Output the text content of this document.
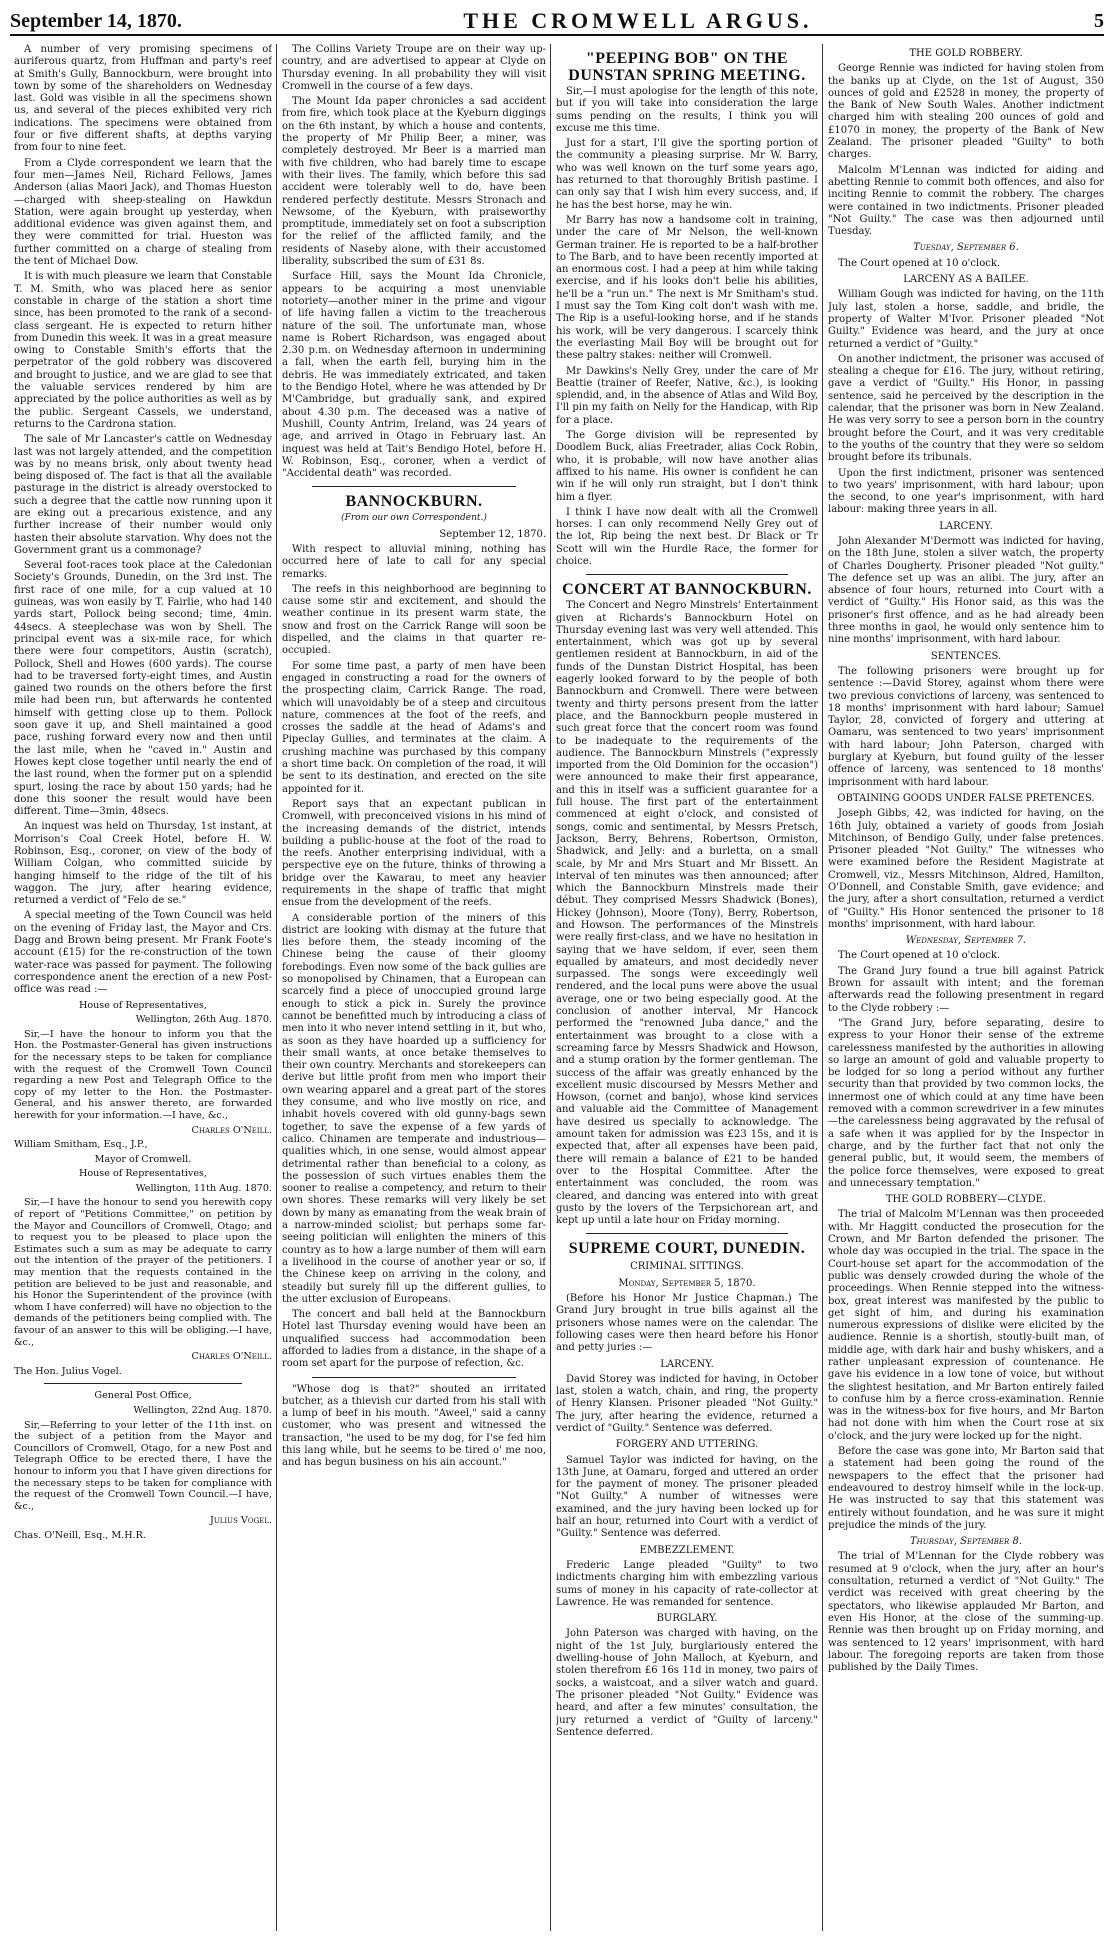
September 14, 1870.	THE CROMWELL ARGUS.	5

A number of very promising specimens of auriferous quartz, from Huffman and party's reef at Smith's Gully, Bannockburn, were brought into town by some of the shareholders on Wednesday last. Gold was visible in all the specimens shown us, and several of the pieces exhibited very rich indications. The specimens were obtained from four or five different shafts, at depths varying from four to nine feet.

From a Clyde correspondent we learn that the four men—James Neil, Richard Fellows, James Anderson (alias Maori Jack), and Thomas Hueston—charged with sheep-stealing on Hawkdun Station, were again brought up yesterday, when additional evidence was given against them, and they were committed for trial. Hueston was further committed on a charge of stealing from the tent of Michael Dow.

It is with much pleasure we learn that Constable T. M. Smith, who was placed here as senior constable in charge of the station a short time since, has been promoted to the rank of a second-class sergeant. He is expected to return hither from Dunedin this week. It was in a great measure owing to Constable Smith's efforts that the perpetrator of the gold robbery was discovered and brought to justice, and we are glad to see that the valuable services rendered by him are appreciated by the police authorities as well as by the public. Sergeant Cassels, we understand, returns to the Cardrona station.

The sale of Mr Lancaster's cattle on Wednesday last was not largely attended, and the competition was by no means brisk, only about twenty head being disposed of. The fact is that all the available pasturage in the district is already overstocked to such a degree that the cattle now running upon it are eking out a precarious existence, and any further increase of their number would only hasten their absolute starvation. Why does not the Government grant us a commonage?

Several foot-races took place at the Caledonian Society's Grounds, Dunedin, on the 3rd inst. The first race of one mile, for a cup valued at 10 guineas, was won easily by T. Fairlie, who had 140 yards start, Pollock being second; time, 4min. 44secs. A steeplechase was won by Shell. The principal event was a six-mile race, for which there were four competitors, Austin (scratch), Pollock, Shell and Howes (600 yards). The course had to be traversed forty-eight times, and Austin gained two rounds on the others before the first mile had been run, but afterwards he contented himself with getting close up to them. Pollock soon gave it up, and Shell maintained a good pace, rushing forward every now and then until the last mile, when he "caved in." Austin and Howes kept close together until nearly the end of the last round, when the former put on a splendid spurt, losing the race by about 150 yards; had he done this sooner the result would have been different. Time—3min, 48secs.

An inquest was held on Thursday, 1st instant, at Morrison's Coal Creek Hotel, before H. W. Robinson, Esq., coroner, on view of the body of William Colgan, who committed suicide by hanging himself to the ridge of the tilt of his waggon. The jury, after hearing evidence, returned a verdict of "Felo de se."

A special meeting of the Town Council was held on the evening of Friday last, the Mayor and Crs. Dagg and Brown being present. Mr Frank Foote's account (£15) for the re-construction of the town water-race was passed for payment. The following correspondence anent the erection of a new Post-office was read :—

House of Representatives,

Wellington, 26th Aug. 1870.

Sir,—I have the honour to inform you that the Hon. the Postmaster-General has given instructions for the necessary steps to be taken for compliance with the request of the Cromwell Town Council regarding a new Post and Telegraph Office to the copy of my letter to the Hon. the Postmaster-General, and his answer thereto, are forwarded herewith for your information.—I have, &c.,

Charles O'Neill.

William Smitham, Esq., J.P.,

Mayor of Cromwell.

House of Representatives,

Wellington, 11th Aug. 1870.

Sir,—I have the honour to send you herewith copy of report of "Petitions Committee," on petition by the Mayor and Councillors of Cromwell, Otago; and to request you to be pleased to place upon the Estimates such a sum as may be adequate to carry out the intention of the prayer of the petitioners. I may mention that the requests contained in the petition are believed to be just and reasonable, and his Honor the Superintendent of the province (with whom I have conferred) will have no objection to the demands of the petitioners being complied with. The favour of an answer to this will be obliging.—I have, &c.,

Charles O'Neill.

The Hon. Julius Vogel.

General Post Office,

Wellington, 22nd Aug. 1870.

Sir,—Referring to your letter of the 11th inst. on the subject of a petition from the Mayor and Councillors of Cromwell, Otago, for a new Post and Telegraph Office to be erected there, I have the honour to inform you that I have given directions for the necessary steps to be taken for compliance with the request of the Cromwell Town Council.—I have, &c.,

Julius Vogel.

Chas. O'Neill, Esq., M.H.R.

The Collins Variety Troupe are on their way up-country, and are advertised to appear at Clyde on Thursday evening. In all probability they will visit Cromwell in the course of a few days.

The Mount Ida paper chronicles a sad accident from fire, which took place at the Kyeburn diggings on the 6th instant, by which a house and contents, the property of Mr Philip Beer, a miner, was completely destroyed. Mr Beer is a married man with five children, who had barely time to escape with their lives. The family, which before this sad accident were tolerably well to do, have been rendered perfectly destitute. Messrs Stronach and Newsome, of the Kyeburn, with praiseworthy promptitude, immediately set on foot a subscription for the relief of the afflicted family, and the residents of Naseby alone, with their accustomed liberality, subscribed the sum of £31 8s.

Surface Hill, says the Mount Ida Chronicle, appears to be acquiring a most unenviable notoriety—another miner in the prime and vigour of life having fallen a victim to the treacherous nature of the soil. The unfortunate man, whose name is Robert Richardson, was engaged about 2.30 p.m. on Wednesday afternoon in undermining a fall, when the earth fell, burying him in the debris. He was immediately extricated, and taken to the Bendigo Hotel, where he was attended by Dr M'Cambridge, but gradually sank, and expired about 4.30 p.m. The deceased was a native of Mushill, County Antrim, Ireland, was 24 years of age, and arrived in Otago in February last. An inquest was held at Tait's Bendigo Hotel, before H. W. Robinson, Esq., coroner, when a verdict of "Accidental death" was recorded.

BANNOCKBURN.
(From our own Correspondent.)

September 12, 1870.

With respect to alluvial mining, nothing has occurred here of late to call for any special remarks.

The reefs in this neighborhood are beginning to cause some stir and excitement, and should the weather continue in its present warm state, the snow and frost on the Carrick Range will soon be dispelled, and the claims in that quarter re-occupied.

For some time past, a party of men have been engaged in constructing a road for the owners of the prospecting claim, Carrick Range. The road, which will unavoidably be of a steep and circuitous nature, commences at the foot of the reefs, and crosses the saddle at the head of Adams's and Pipeclay Gullies, and terminates at the claim. A crushing machine was purchased by this company a short time back. On completion of the road, it will be sent to its destination, and erected on the site appointed for it.

Report says that an expectant publican in Cromwell, with preconceived visions in his mind of the increasing demands of the district, intends building a public-house at the foot of the road to the reefs. Another enterprising individual, with a perspective eye on the future, thinks of throwing a bridge over the Kawarau, to meet any heavier requirements in the shape of traffic that might ensue from the development of the reefs.

A considerable portion of the miners of this district are looking with dismay at the future that lies before them, the steady incoming of the Chinese being the cause of their gloomy forebodings. Even now some of the back gullies are so monopolised by Chinamen, that a European can scarcely find a piece of unoccupied ground large enough to stick a pick in. Surely the province cannot be benefitted much by introducing a class of men into it who never intend settling in it, but who, as soon as they have hoarded up a sufficiency for their small wants, at once betake themselves to their own country. Merchants and storekeepers can derive but little profit from men who import their own wearing apparel and a great part of the stores they consume, and who live mostly on rice, and inhabit hovels covered with old gunny-bags sewn together, to save the expense of a few yards of calico. Chinamen are temperate and industrious—qualities which, in one sense, would almost appear detrimental rather than beneficial to a colony, as the possession of such virtues enables them the sooner to realise a competency, and return to their own shores. These remarks will very likely be set down by many as emanating from the weak brain of a narrow-minded sciolist; but perhaps some far-seeing politician will enlighten the miners of this country as to how a large number of them will earn a livelihood in the course of another year or so, if the Chinese keep on arriving in the colony, and steadily but surely fill up the different gullies, to the utter exclusion of Europeans.

The concert and ball held at the Bannockburn Hotel last Thursday evening would have been an unqualified success had accommodation been afforded to ladies from a distance, in the shape of a room set apart for the purpose of refection, &c.

"Whose dog is that?" shouted an irritated butcher, as a thievish cur darted from his stall with a lump of beef in his mouth. "Aweel," said a canny customer, who was present and witnessed the transaction, "he used to be my dog, for I'se fed him this lang while, but he seems to be tired o' me noo, and has begun business on his ain account."

"PEEPING BOB" ON THE DUNSTAN SPRING MEETING.

Sir,—I must apologise for the length of this note, but if you will take into consideration the large sums pending on the results, I think you will excuse me this time.

Just for a start, I'll give the sporting portion of the community a pleasing surprise. Mr W. Barry, who was well known on the turf some years ago, has returned to that thoroughly British pastime. I can only say that I wish him every success, and, if he has the best horse, may he win.

Mr Barry has now a handsome colt in training, under the care of Mr Nelson, the well-known German trainer. He is reported to be a half-brother to The Barb, and to have been recently imported at an enormous cost. I had a peep at him while taking exercise, and if his looks don't belie his abilities, he'll be a "run un." The next is Mr Smitham's stud. I must say the Tom King colt don't wash with me. The Rip is a useful-looking horse, and if he stands his work, will be very dangerous. I scarcely think the everlasting Mail Boy will be brought out for these paltry stakes: neither will Cromwell.

Mr Dawkins's Nelly Grey, under the care of Mr Beattie (trainer of Reefer, Native, &c.), is looking splendid, and, in the absence of Atlas and Wild Boy, I'll pin my faith on Nelly for the Handicap, with Rip for a place.

The Gorge division will be represented by Doodlem Buck, alias Freetrader, alias Cock Robin, who, it is probable, will now have another alias affixed to his name. His owner is confident he can win if he will only run straight, but I don't think him a flyer.

I think I have now dealt with all the Cromwell horses. I can only recommend Nelly Grey out of the lot, Rip being the next best. Dr Black or Tr Scott will win the Hurdle Race, the former for choice.

CONCERT AT BANNOCKBURN.

The Concert and Negro Minstrels' Entertainment given at Richards's Bannockburn Hotel on Thursday evening last was very well attended. This entertainment, which was got up by several gentlemen resident at Bannockburn, in aid of the funds of the Dunstan District Hospital, has been eagerly looked forward to by the people of both Bannockburn and Cromwell. There were between twenty and thirty persons present from the latter place, and the Bannockburn people mustered in such great force that the concert room was found to be inadequate to the requirements of the audience. The Bannockburn Minstrels ("expressly imported from the Old Dominion for the occasion") were announced to make their first appearance, and this in itself was a sufficient guarantee for a full house. The first part of the entertainment commenced at eight o'clock, and consisted of songs, comic and sentimental, by Messrs Pretsch, Jackson, Berry, Behrens, Robertson, Ormiston, Shadwick, and Jelly: and a burletta, on a small scale, by Mr and Mrs Stuart and Mr Bissett. An interval of ten minutes was then announced; after which the Bannockburn Minstrels made their début. They comprised Messrs Shadwick (Bones), Hickey (Johnson), Moore (Tony), Berry, Robertson, and Howson. The performances of the Minstrels were really first-class, and we have no hesitation in saying that we have seldom, if ever, seen them equalled by amateurs, and most decidedly never surpassed. The songs were exceedingly well rendered, and the local puns were above the usual average, one or two being especially good. At the conclusion of another interval, Mr Hancock performed the "renowned Juba dance," and the entertainment was brought to a close with a screaming farce by Messrs Shadwick and Howson, and a stump oration by the former gentleman. The success of the affair was greatly enhanced by the excellent music discoursed by Messrs Mether and Howson, (cornet and banjo), whose kind services and valuable aid the Committee of Management have desired us specially to acknowledge. The amount taken for admission was £23 15s, and it is expected that, after all expenses have been paid, there will remain a balance of £21 to be handed over to the Hospital Committee. After the entertainment was concluded, the room was cleared, and dancing was entered into with great gusto by the lovers of the Terpsichorean art, and kept up until a late hour on Friday morning.

SUPREME COURT, DUNEDIN.
CRIMINAL SITTINGS.
Monday, September 5, 1870.

(Before his Honor Mr Justice Chapman.) The Grand Jury brought in true bills against all the prisoners whose names were on the calendar. The following cases were then heard before his Honor and petty juries :—

LARCENY.

David Storey was indicted for having, in October last, stolen a watch, chain, and ring, the property of Henry Klansen. Prisoner pleaded "Not Guilty." The jury, after hearing the evidence, returned a verdict of "Guilty." Sentence was deferred.

FORGERY AND UTTERING.

Samuel Taylor was indicted for having, on the 13th June, at Oamaru, forged and uttered an order for the payment of money. The prisoner pleaded "Not Guilty." A number of witnesses were examined, and the jury having been locked up for half an hour, returned into Court with a verdict of "Guilty." Sentence was deferred.

EMBEZZLEMENT.

Frederic Lange pleaded "Guilty" to two indictments charging him with embezzling various sums of money in his capacity of rate-collector at Lawrence. He was remanded for sentence.

BURGLARY.

John Paterson was charged with having, on the night of the 1st July, burglariously entered the dwelling-house of John Malloch, at Kyeburn, and stolen therefrom £6 16s 11d in money, two pairs of socks, a waistcoat, and a silver watch and guard. The prisoner pleaded "Not Guilty." Evidence was heard, and after a few minutes' consultation, the jury returned a verdict of "Guilty of larceny." Sentence deferred.

THE GOLD ROBBERY.

George Rennie was indicted for having stolen from the banks up at Clyde, on the 1st of August, 350 ounces of gold and £2528 in money, the property of the Bank of New South Wales. Another indictment charged him with stealing 200 ounces of gold and £1070 in money, the property of the Bank of New Zealand. The prisoner pleaded "Guilty" to both charges.

Malcolm M'Lennan was indicted for aiding and abetting Rennie to commit both offences, and also for inciting Rennie to commit the robbery. The charges were contained in two indictments. Prisoner pleaded "Not Guilty." The case was then adjourned until Tuesday.

Tuesday, September 6.

The Court opened at 10 o'clock.

LARCENY AS A BAILEE.

William Gough was indicted for having, on the 11th July last, stolen a horse, saddle, and bridle, the property of Walter M'Ivor. Prisoner pleaded "Not Guilty." Evidence was heard, and the jury at once returned a verdict of "Guilty."

On another indictment, the prisoner was accused of stealing a cheque for £16. The jury, without retiring, gave a verdict of "Guilty." His Honor, in passing sentence, said he perceived by the description in the calendar, that the prisoner was born in New Zealand. He was very sorry to see a person born in the country brought before the Court, and it was very creditable to the youths of the country that they were so seldom brought before its tribunals.

Upon the first indictment, prisoner was sentenced to two years' imprisonment, with hard labour; upon the second, to one year's imprisonment, with hard labour: making three years in all.

LARCENY.

John Alexander M'Dermott was indicted for having, on the 18th June, stolen a silver watch, the property of Charles Dougherty. Prisoner pleaded "Not guilty." The defence set up was an alibi. The jury, after an absence of four hours, returned into Court with a verdict of "Guilty." His Honor said, as this was the prisoner's first offence, and as he had already been three months in gaol, he would only sentence him to nine months' imprisonment, with hard labour.

SENTENCES.

The following prisoners were brought up for sentence :—David Storey, against whom there were two previous convictions of larceny, was sentenced to 18 months' imprisonment with hard labour; Samuel Taylor, 28, convicted of forgery and uttering at Oamaru, was sentenced to two years' imprisonment with hard labour; John Paterson, charged with burglary at Kyeburn, but found guilty of the lesser offence of larceny, was sentenced to 18 months' imprisonment with hard labour.

OBTAINING GOODS UNDER FALSE PRETENCES.

Joseph Gibbs, 42, was indicted for having, on the 16th July, obtained a variety of goods from Josiah Mitchinson, of Bendigo Gully, under false pretences. Prisoner pleaded "Not Guilty." The witnesses who were examined before the Resident Magistrate at Cromwell, viz., Messrs Mitchinson, Aldred, Hamilton, O'Donnell, and Constable Smith, gave evidence; and the jury, after a short consultation, returned a verdict of "Guilty." His Honor sentenced the prisoner to 18 months' imprisonment, with hard labour.

Wednesday, September 7.

The Court opened at 10 o'clock.

The Grand Jury found a true bill against Patrick Brown for assault with intent; and the foreman afterwards read the following presentment in regard to the Clyde robbery :—

"The Grand Jury, before separating, desire to express to your Honor their sense of the extreme carelessness manifested by the authorities in allowing so large an amount of gold and valuable property to be lodged for so long a period without any further security than that provided by two common locks, the innermost one of which could at any time have been removed with a common screwdriver in a few minutes—the carelessness being aggravated by the refusal of a safe when it was applied for by the Inspector in charge, and by the further fact that not only the general public, but, it would seem, the members of the police force themselves, were exposed to great and unnecessary temptation."

THE GOLD ROBBERY—CLYDE.

The trial of Malcolm M'Lennan was then proceeded with. Mr Haggitt conducted the prosecution for the Crown, and Mr Barton defended the prisoner. The whole day was occupied in the trial. The space in the Court-house set apart for the accommodation of the public was densely crowded during the whole of the proceedings. When Rennie stepped into the witness-box, great interest was manifested by the public to get sight of him, and during his examination numerous expressions of dislike were elicited by the audience. Rennie is a shortish, stoutly-built man, of middle age, with dark hair and bushy whiskers, and a rather unpleasant expression of countenance. He gave his evidence in a low tone of voice, but without the slightest hesitation, and Mr Barton entirely failed to confuse him by a fierce cross-examination. Rennie was in the witness-box for five hours, and Mr Barton had not done with him when the Court rose at six o'clock, and the jury were locked up for the night.

Before the case was gone into, Mr Barton said that a statement had been going the round of the newspapers to the effect that the prisoner had endeavoured to destroy himself while in the lock-up. He was instructed to say that this statement was entirely without foundation, and he was sure it might prejudice the minds of the jury.

Thursday, September 8.

The trial of M'Lennan for the Clyde robbery was resumed at 9 o'clock, when the jury, after an hour's consultation, returned a verdict of "Not Guilty." The verdict was received with great cheering by the spectators, who likewise applauded Mr Barton, and even His Honor, at the close of the summing-up. Rennie was then brought up on Friday morning, and was sentenced to 12 years' imprisonment, with hard labour. The foregoing reports are taken from those published by the Daily Times.
